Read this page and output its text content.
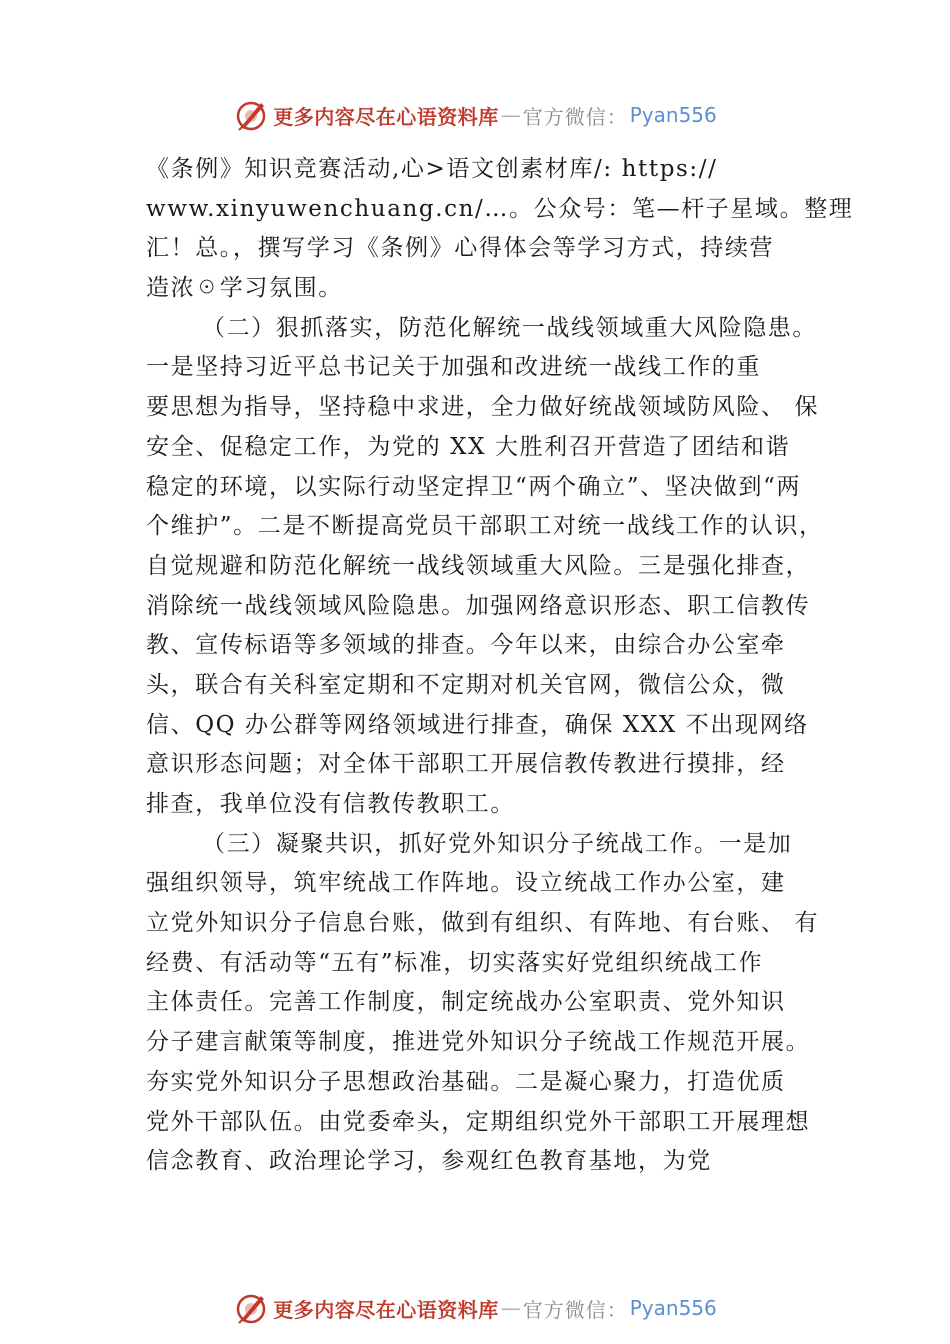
更多内容尽在心语资料库 — 官方微信： Pyan556
《条例》知识竞赛活动,心>语文创素材库/: https://
www.xinyuwenchuang.cn/…。公众号：笔—杆子星域。整理
汇！总。，撰写学习《条例》心得体会等学习方式，持续营
造浓☉学习氛围。
（二）狠抓落实，防范化解统一战线领域重大风险隐患。
一是坚持习近平总书记关于加强和改进统一战线工作的重
要思想为指导，坚持稳中求进，全力做好统战领域防风险、 保
安全、促稳定工作，为党的 XX 大胜利召开营造了团结和谐
稳定的环境，以实际行动坚定捍卫“两个确立”、坚决做到“两
个维护”。二是不断提高党员干部职工对统一战线工作的认识，
自觉规避和防范化解统一战线领域重大风险。三是强化排查，
消除统一战线领域风险隐患。加强网络意识形态、职工信教传
教、宣传标语等多领域的排查。今年以来，由综合办公室牵
头，联合有关科室定期和不定期对机关官网，微信公众，微
信、QQ 办公群等网络领域进行排查，确保 XXX 不出现网络
意识形态问题；对全体干部职工开展信教传教进行摸排，经
排查，我单位没有信教传教职工。
（三）凝聚共识，抓好党外知识分子统战工作。一是加
强组织领导，筑牢统战工作阵地。设立统战工作办公室，建
立党外知识分子信息台账，做到有组织、有阵地、有台账、 有
经费、有活动等“五有”标准，切实落实好党组织统战工作
主体责任。完善工作制度，制定统战办公室职责、党外知识
分子建言献策等制度，推进党外知识分子统战工作规范开展。
夯实党外知识分子思想政治基础。二是凝心聚力，打造优质
党外干部队伍。由党委牵头，定期组织党外干部职工开展理想
信念教育、政治理论学习，参观红色教育基地，为党
更多内容尽在心语资料库 — 官方微信： Pyan556
